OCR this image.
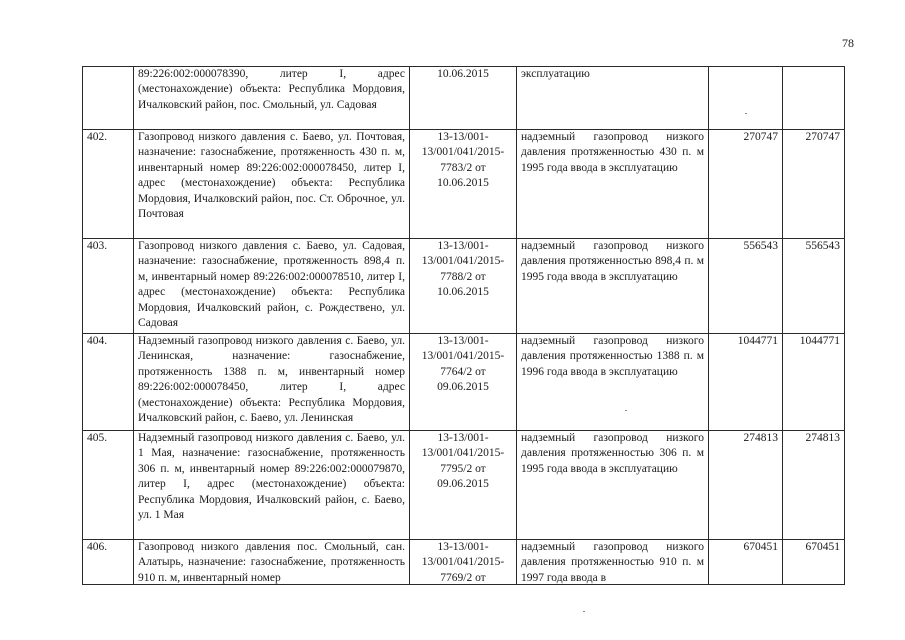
78
	89:226:002:000078390, литер I, адрес (местонахождение) объекта: Республика Мордовия, Ичалковский район, пос. Смольный, ул. Садовая	10.06.2015	эксплуатацию		
402.	Газопровод низкого давления с. Баево, ул. Почтовая, назначение: газоснабжение, протяженность 430 п. м, инвентарный номер 89:226:002:000078450, литер I, адрес (местонахождение) объекта: Республика Мордовия, Ичалковский район, пос. Ст. Оброчное, ул. Почтовая	13-13/001-13/001/041/2015-7783/2 от 10.06.2015	надземный газопровод низкого давления протяженностью 430 п. м 1995 года ввода в эксплуатацию	270747	270747
403.	Газопровод низкого давления с. Баево, ул. Садовая, назначение: газоснабжение, протяженность 898,4 п. м, инвентарный номер 89:226:002:000078510, литер I, адрес (местонахождение) объекта: Республика Мордовия, Ичалковский район, с. Рождествено, ул. Садовая	13-13/001-13/001/041/2015-7788/2 от 10.06.2015	надземный газопровод низкого давления протяженностью 898,4 п. м 1995 года ввода в эксплуатацию	556543	556543
404.	Надземный газопровод низкого давления с. Баево, ул. Ленинская, назначение: газоснабжение, протяженность 1388 п. м, инвентарный номер 89:226:002:000078450, литер I, адрес (местонахождение) объекта: Республика Мордовия, Ичалковский район, с. Баево, ул. Ленинская	13-13/001-13/001/041/2015-7764/2 от 09.06.2015	надземный газопровод низкого давления протяженностью 1388 п. м 1996 года ввода в эксплуатацию	1044771	1044771
405.	Надземный газопровод низкого давления с. Баево, ул. 1 Мая, назначение: газоснабжение, протяженность 306 п. м, инвентарный номер 89:226:002:000079870, литер I, адрес (местонахождение) объекта: Республика Мордовия, Ичалковский район, с. Баево, ул. 1 Мая	13-13/001-13/001/041/2015-7795/2 от 09.06.2015	надземный газопровод низкого давления протяженностью 306 п. м 1995 года ввода в эксплуатацию	274813	274813
406.	Газопровод низкого давления пос. Смольный, сан. Алатырь, назначение: газоснабжение, протяженность 910 п. м, инвентарный номер	13-13/001-13/001/041/2015-7769/2 от	надземный газопровод низкого давления протяженностью 910 п. м 1997 года ввода в	670451	670451
